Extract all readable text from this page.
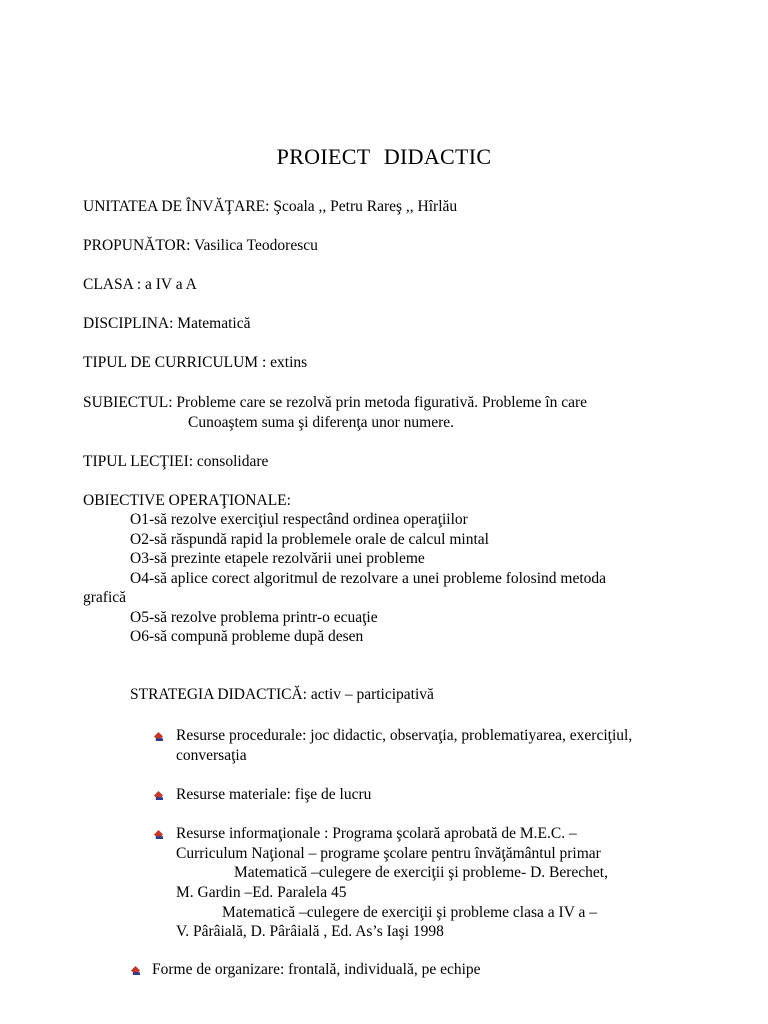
PROIECT DIDACTIC
UNITATEA DE ÎNVĂŢARE: Şcoala ,, Petru Rareş ,, Hîrlău
PROPUNĂTOR: Vasilica Teodorescu
CLASA : a IV a A
DISCIPLINA: Matematică
TIPUL DE CURRICULUM : extins
SUBIECTUL: Probleme care se rezolvă prin metoda figurativă. Probleme în care
Cunoaştem suma şi diferenţa unor numere.
TIPUL LECŢIEI: consolidare
OBIECTIVE OPERAŢIONALE:
O1-să rezolve exerciţiul respectând ordinea operaţiilor
O2-să răspundă rapid la problemele orale de calcul mintal
O3-să prezinte etapele rezolvării unei probleme
O4-să aplice corect algoritmul de rezolvare a unei probleme folosind metoda
grafică
O5-să rezolve problema printr-o ecuaţie
O6-să compună probleme după desen
STRATEGIA DIDACTICĂ: activ – participativă
Resurse procedurale: joc didactic, observaţia, problematiyarea, exerciţiul,
conversaţia
Resurse materiale: fişe de lucru
Resurse informaţionale : Programa şcolară aprobată de M.E.C. –
Curriculum Naţional – programe şcolare pentru învăţământul primar
Matematică –culegere de exerciţii şi probleme- D. Berechet,
M. Gardin –Ed. Paralela 45
Matematică –culegere de exerciţii şi probleme clasa a IV a –
V. Pârâială, D. Pârâială , Ed. As’s Iaşi 1998
Forme de organizare: frontală, individuală, pe echipe
